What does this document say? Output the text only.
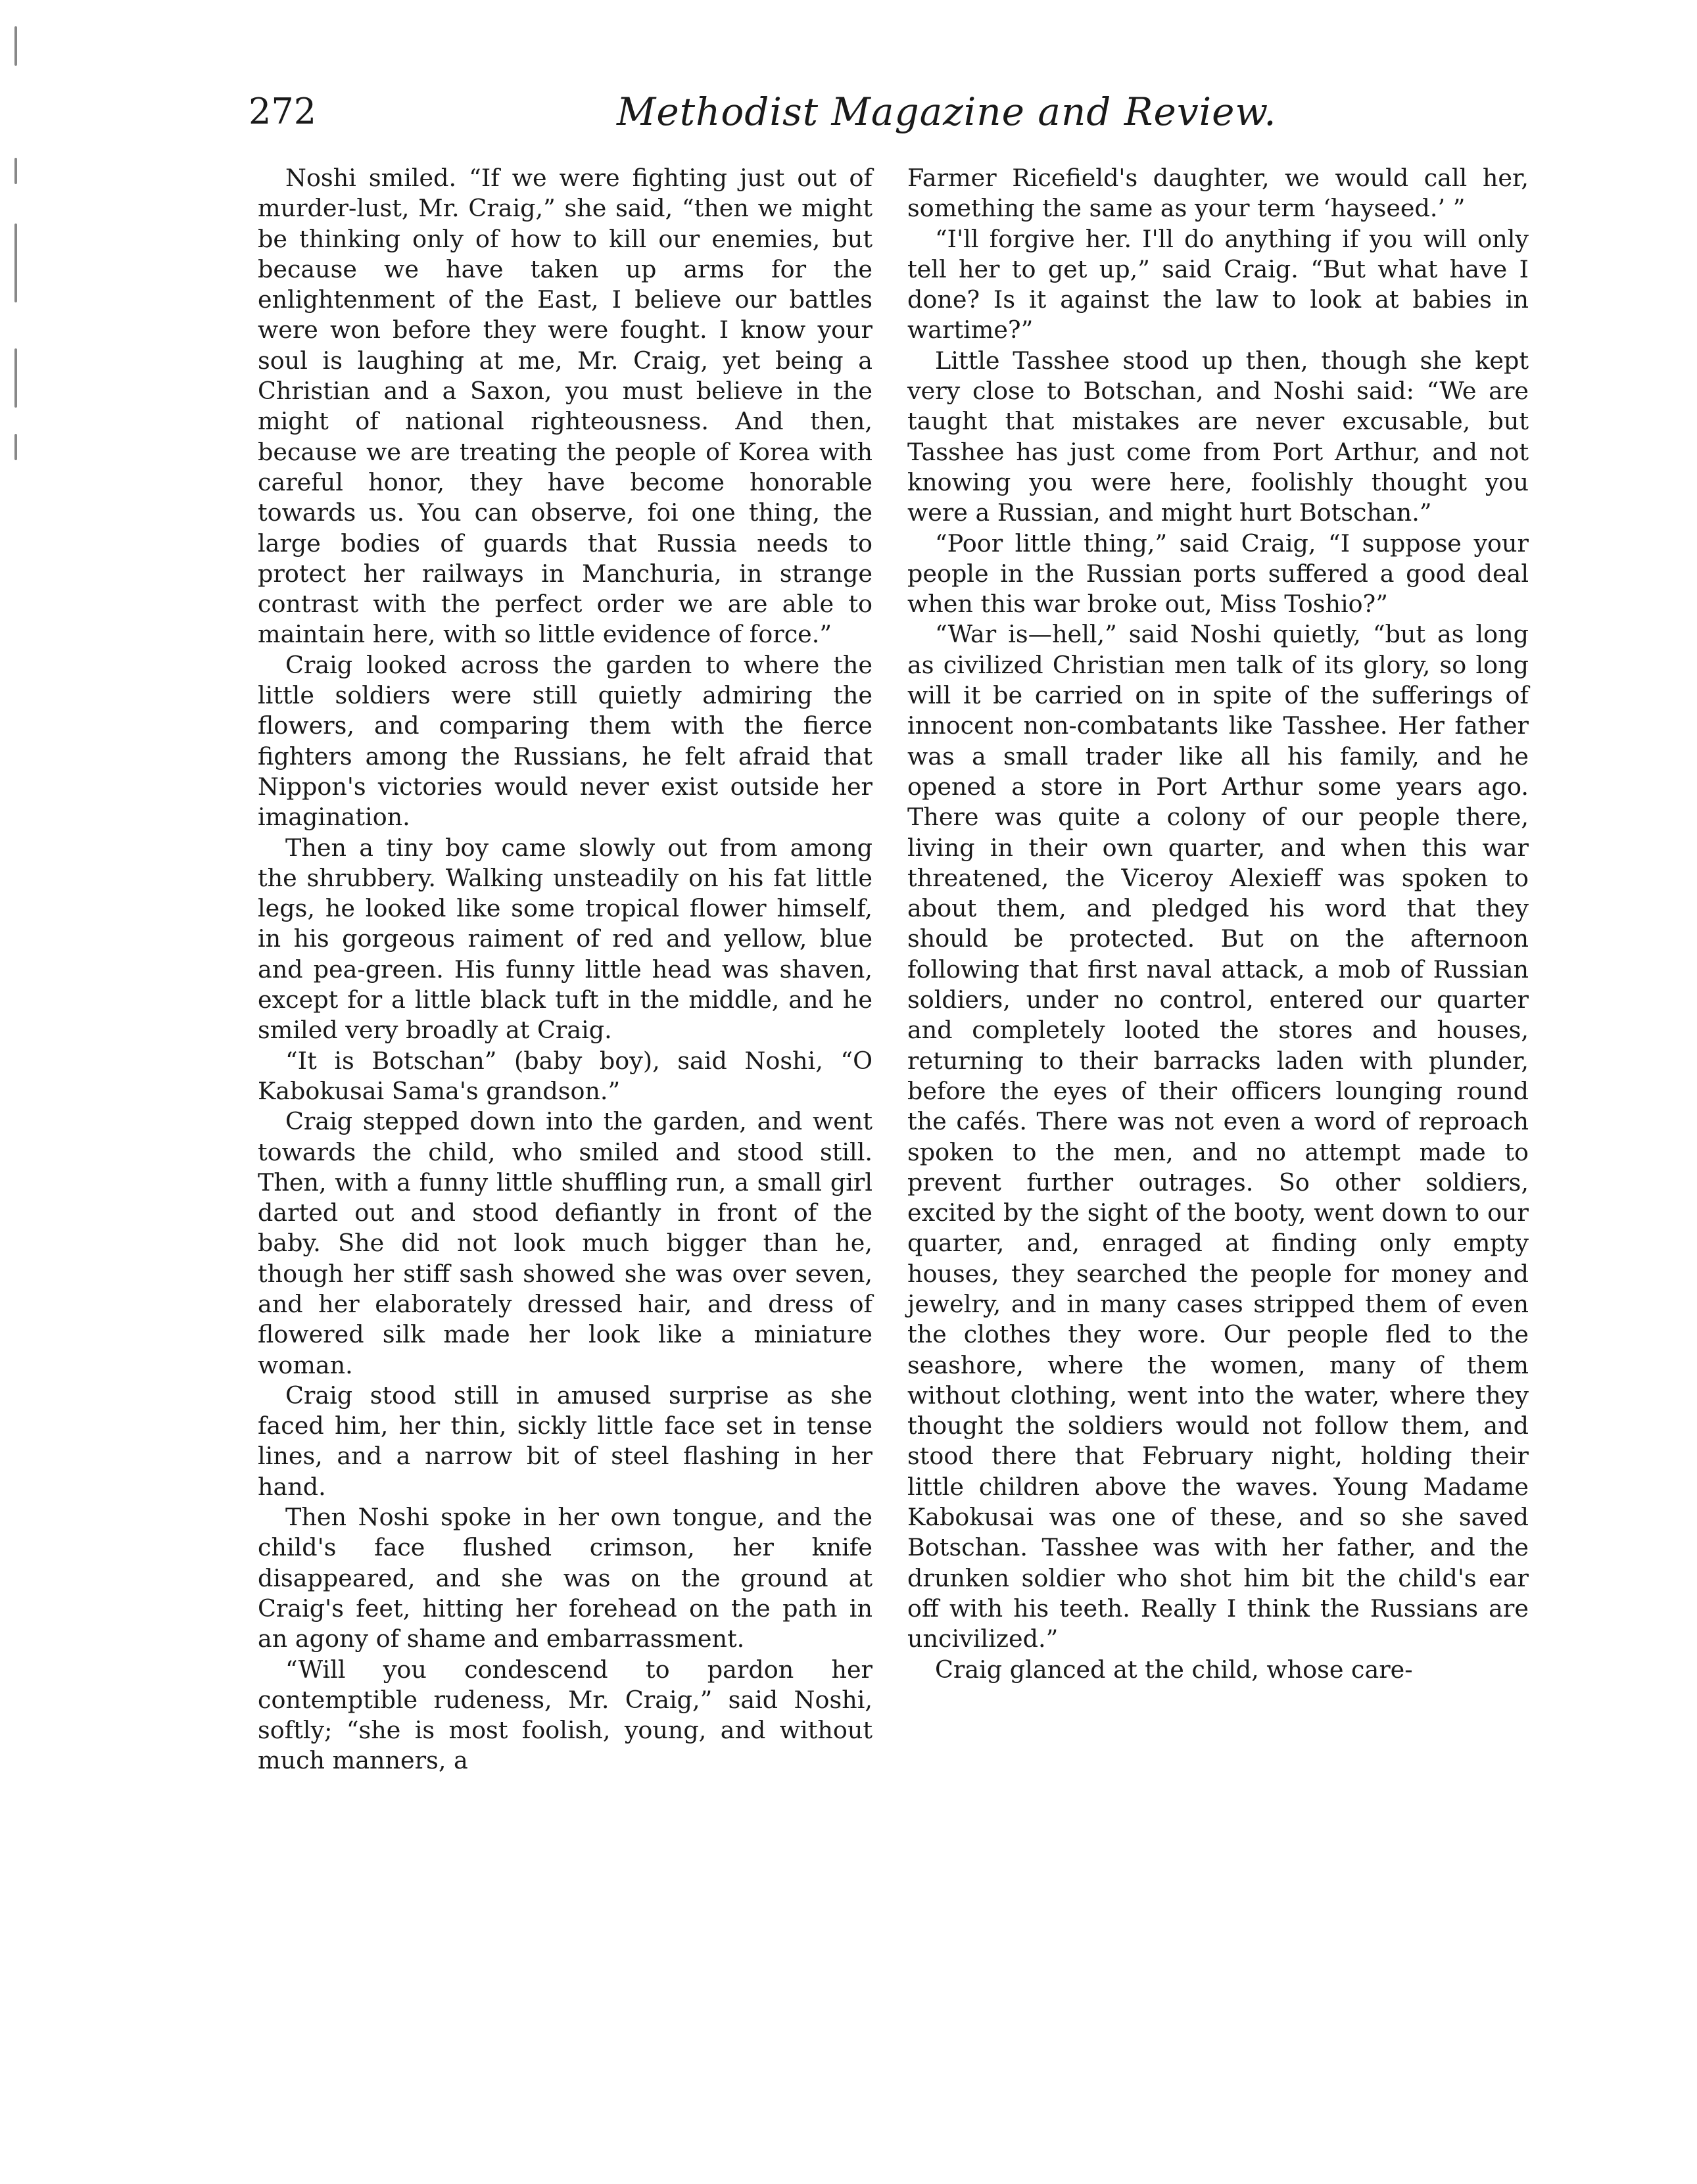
272	Methodist Magazine and Review.

Noshi smiled. “If we were fighting just out of murder-lust, Mr. Craig,” she said, “then we might be thinking only of how to kill our enemies, but because we have taken up arms for the enlightenment of the East, I believe our battles were won before they were fought. I know your soul is laughing at me, Mr. Craig, yet being a Christian and a Saxon, you must believe in the might of national righteousness. And then, because we are treating the people of Korea with careful honor, they have become honorable towards us. You can observe, foi one thing, the large bodies of guards that Russia needs to protect her railways in Manchuria, in strange contrast with the perfect order we are able to maintain here, with so little evidence of force.”

Craig looked across the garden to where the little soldiers were still quietly admiring the flowers, and comparing them with the fierce fighters among the Russians, he felt afraid that Nippon's victories would never exist outside her imagination.

Then a tiny boy came slowly out from among the shrubbery. Walking unsteadily on his fat little legs, he looked like some tropical flower himself, in his gorgeous raiment of red and yellow, blue and pea-green. His funny little head was shaven, except for a little black tuft in the middle, and he smiled very broadly at Craig.

“It is Botschan” (baby boy), said Noshi, “O Kabokusai Sama's grandson.”

Craig stepped down into the garden, and went towards the child, who smiled and stood still. Then, with a funny little shuffling run, a small girl darted out and stood defiantly in front of the baby. She did not look much bigger than he, though her stiff sash showed she was over seven, and her elaborately dressed hair, and dress of flowered silk made her look like a miniature woman.

Craig stood still in amused surprise as she faced him, her thin, sickly little face set in tense lines, and a narrow bit of steel flashing in her hand.

Then Noshi spoke in her own tongue, and the child's face flushed crimson, her knife disappeared, and she was on the ground at Craig's feet, hitting her forehead on the path in an agony of shame and embarrassment.

“Will you condescend to pardon her contemptible rudeness, Mr. Craig,” said Noshi, softly; “she is most foolish, young, and without much manners, a

Farmer Ricefield's daughter, we would call her, something the same as your term ‘hayseed.’ ”

“I'll forgive her. I'll do anything if you will only tell her to get up,” said Craig. “But what have I done? Is it against the law to look at babies in wartime?”

Little Tasshee stood up then, though she kept very close to Botschan, and Noshi said: “We are taught that mistakes are never excusable, but Tasshee has just come from Port Arthur, and not knowing you were here, foolishly thought you were a Russian, and might hurt Botschan.”

“Poor little thing,” said Craig, “I suppose your people in the Russian ports suffered a good deal when this war broke out, Miss Toshio?”

“War is—hell,” said Noshi quietly, “but as long as civilized Christian men talk of its glory, so long will it be carried on in spite of the sufferings of innocent non-combatants like Tasshee. Her father was a small trader like all his family, and he opened a store in Port Arthur some years ago. There was quite a colony of our people there, living in their own quarter, and when this war threatened, the Viceroy Alexieff was spoken to about them, and pledged his word that they should be protected. But on the afternoon following that first naval attack, a mob of Russian soldiers, under no control, entered our quarter and completely looted the stores and houses, returning to their barracks laden with plunder, before the eyes of their officers lounging round the cafés. There was not even a word of reproach spoken to the men, and no attempt made to prevent further outrages. So other soldiers, excited by the sight of the booty, went down to our quarter, and, enraged at finding only empty houses, they searched the people for money and jewelry, and in many cases stripped them of even the clothes they wore. Our people fled to the seashore, where the women, many of them without clothing, went into the water, where they thought the soldiers would not follow them, and stood there that February night, holding their little children above the waves. Young Madame Kabokusai was one of these, and so she saved Botschan. Tasshee was with her father, and the drunken soldier who shot him bit the child's ear off with his teeth. Really I think the Russians are uncivilized.”

Craig glanced at the child, whose care-
